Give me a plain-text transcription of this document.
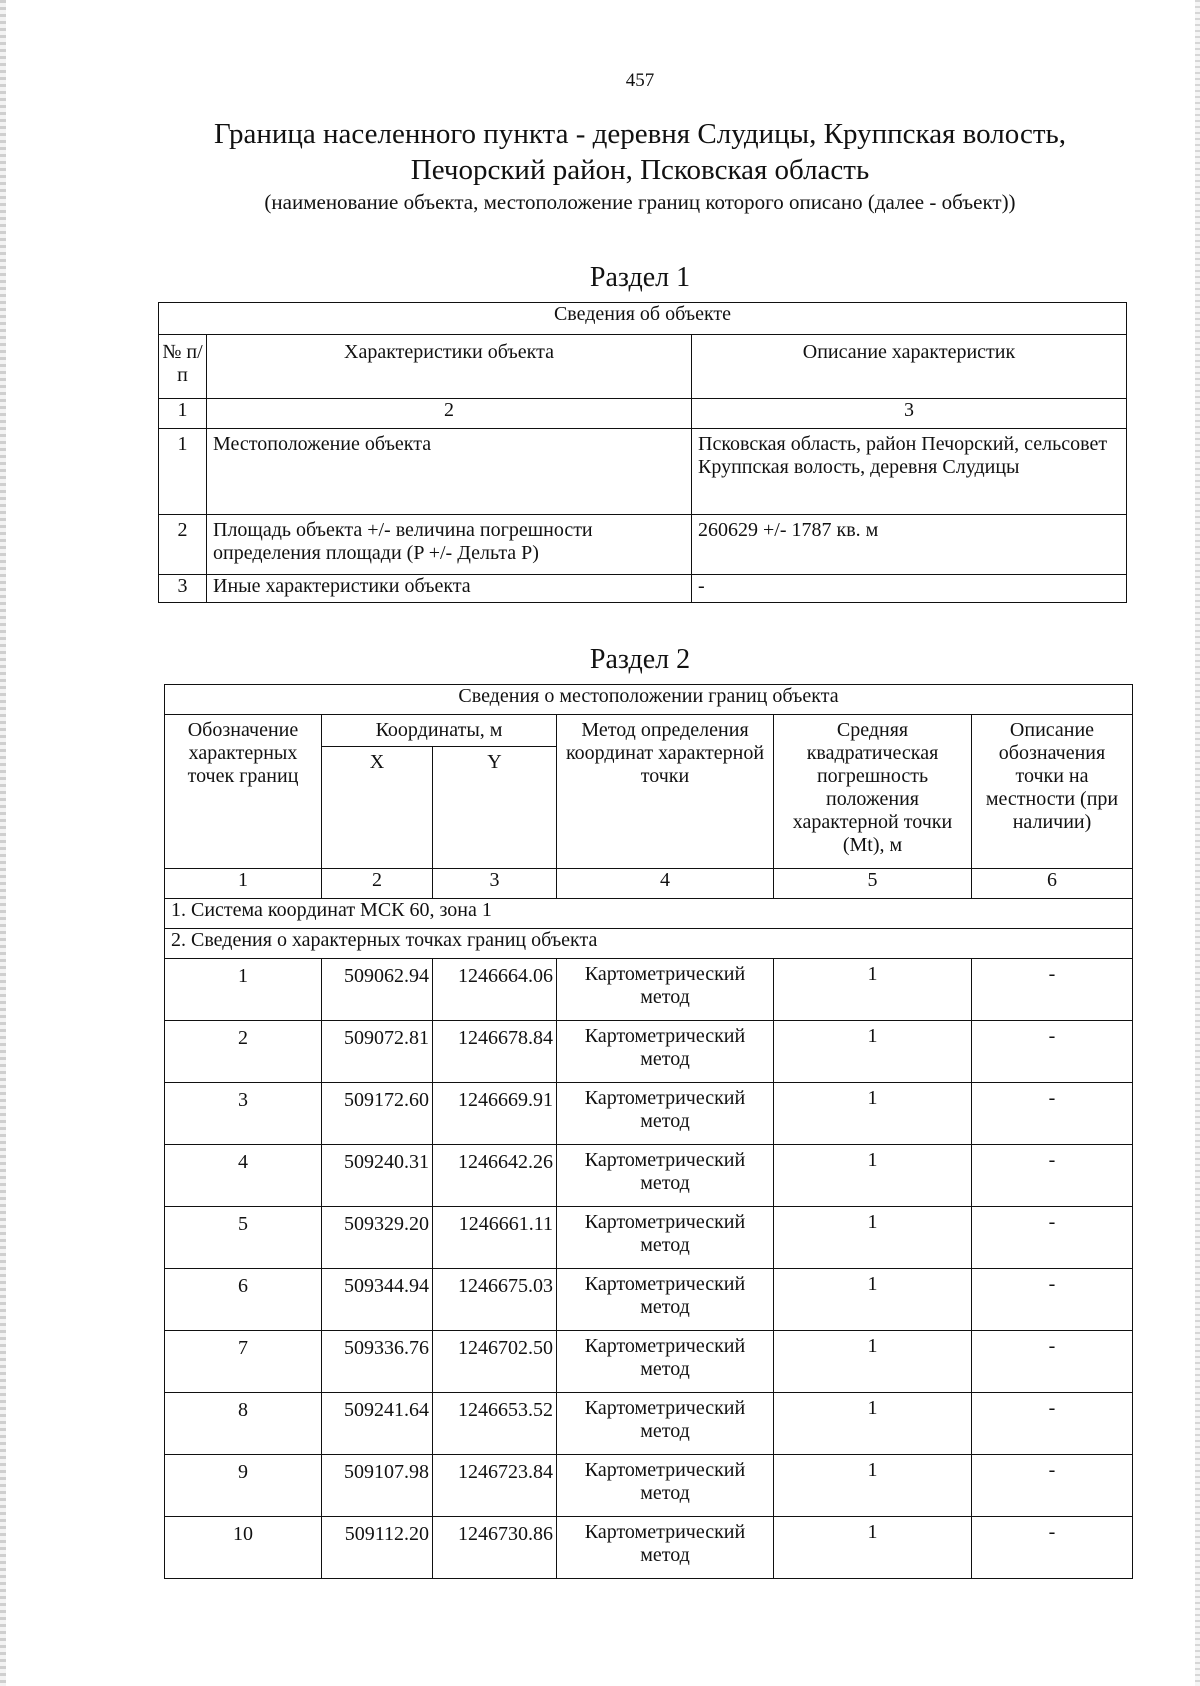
457
Граница населенного пункта - деревня Слудицы, Круппская волость,
Печорский район, Псковская область
(наименование объекта, местоположение границ которого описано (далее - объект))
Раздел 1
Сведения об объекте		
№ п/п	Характеристики объекта	Описание характеристик
1	2	3
1	Местоположение объекта	Псковская область, район Печорский, сельсовет Круппская волость, деревня Слудицы
2	Площадь объекта +/- величина погрешности определения площади (P +/- Дельта P)	260629 +/- 1787 кв. м
3	Иные характеристики объекта	-
Раздел 2
Сведения о местоположении границ объекта					
Обозначение характерных точек границ	Координаты, м		Метод определения координат характерной точки	Средняя квадратическая погрешность положения характерной точки (Mt), м	Описание обозначения точки на местности (при наличии)
	X	Y			
1	2	3	4	5	6
1. Система координат МСК 60, зона 1					
2. Сведения о характерных точках границ объекта					
1	509062.94	1246664.06	Картометрический метод	1	-
2	509072.81	1246678.84	Картометрический метод	1	-
3	509172.60	1246669.91	Картометрический метод	1	-
4	509240.31	1246642.26	Картометрический метод	1	-
5	509329.20	1246661.11	Картометрический метод	1	-
6	509344.94	1246675.03	Картометрический метод	1	-
7	509336.76	1246702.50	Картометрический метод	1	-
8	509241.64	1246653.52	Картометрический метод	1	-
9	509107.98	1246723.84	Картометрический метод	1	-
10	509112.20	1246730.86	Картометрический метод	1	-
